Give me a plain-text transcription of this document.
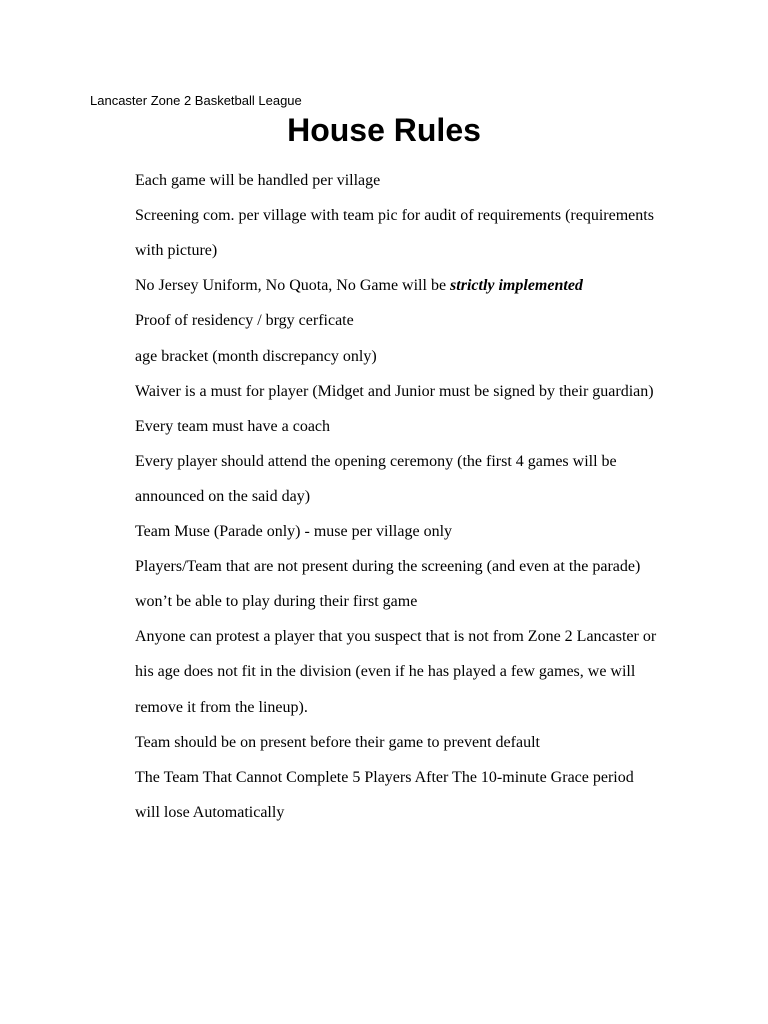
Lancaster Zone 2 Basketball League
House Rules
Each game will be handled per village
Screening com. per village with team pic for audit of requirements (requirements
with picture)
No Jersey Uniform, No Quota, No Game will be strictly implemented
Proof of residency / brgy cerficate
age bracket (month discrepancy only)
Waiver is a must for player (Midget and Junior must be signed by their guardian)
Every team must have a coach
Every player should attend the opening ceremony (the first 4 games will be
announced on the said day)
Team Muse (Parade only) - muse per village only
Players/Team that are not present during the screening (and even at the parade)
won’t be able to play during their first game
Anyone can protest a player that you suspect that is not from Zone 2 Lancaster or
his age does not fit in the division (even if he has played a few games, we will
remove it from the lineup).
Team should be on present before their game to prevent default
The Team That Cannot Complete 5 Players After The 10-minute Grace period
will lose Automatically
